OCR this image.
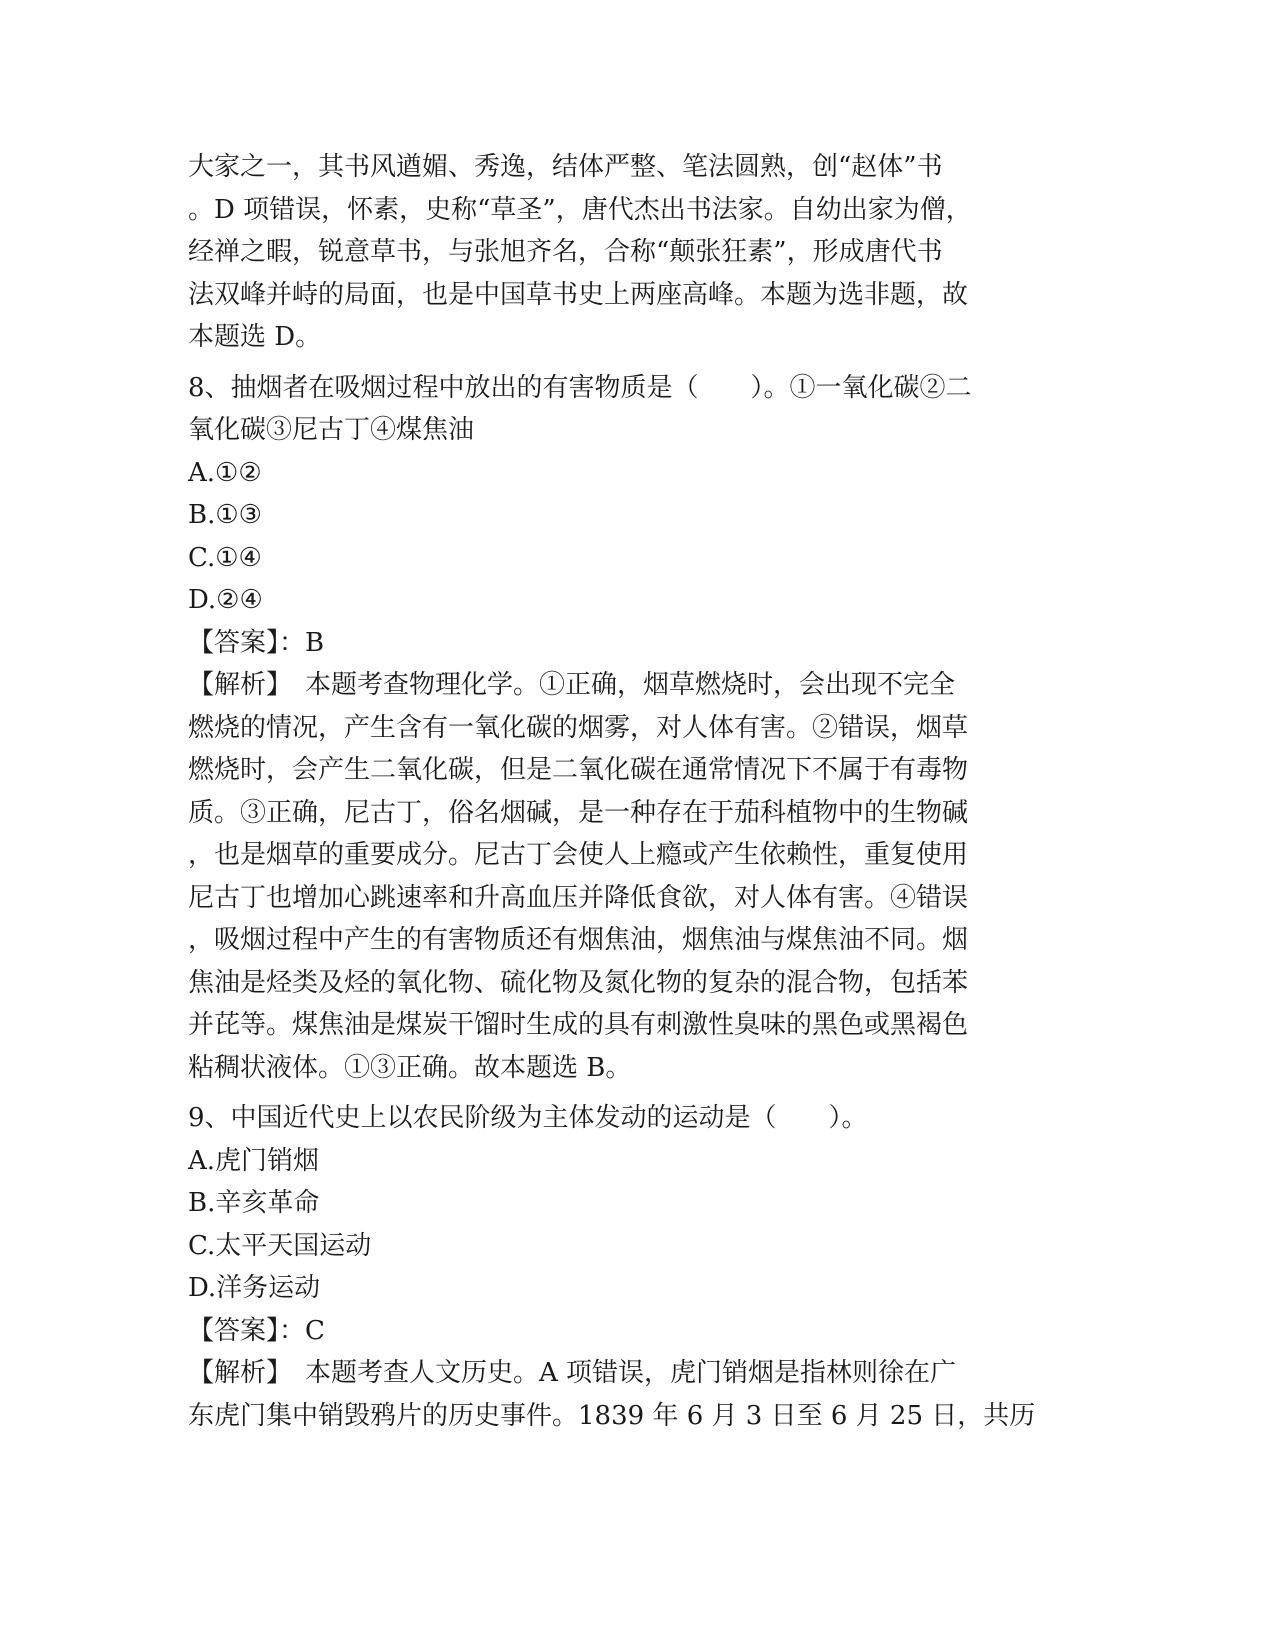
大家之一，其书风遒媚、秀逸，结体严整、笔法圆熟，创“赵体”书
。D 项错误，怀素，史称“草圣”，唐代杰出书法家。自幼出家为僧，
经禅之暇，锐意草书，与张旭齐名，合称“颠张狂素”，形成唐代书
法双峰并峙的局面，也是中国草书史上两座高峰。本题为选非题，故
本题选 D。
8、抽烟者在吸烟过程中放出的有害物质是（　　）。①一氧化碳②二
氧化碳③尼古丁④煤焦油
A.①②
B.①③
C.①④
D.②④
【答案】：B
【解析】　本题考查物理化学。①正确，烟草燃烧时，会出现不完全
燃烧的情况，产生含有一氧化碳的烟雾，对人体有害。②错误，烟草
燃烧时，会产生二氧化碳，但是二氧化碳在通常情况下不属于有毒物
质。③正确，尼古丁，俗名烟碱，是一种存在于茄科植物中的生物碱
，也是烟草的重要成分。尼古丁会使人上瘾或产生依赖性，重复使用
尼古丁也增加心跳速率和升高血压并降低食欲，对人体有害。④错误
，吸烟过程中产生的有害物质还有烟焦油，烟焦油与煤焦油不同。烟
焦油是烃类及烃的氧化物、硫化物及氮化物的复杂的混合物，包括苯
并芘等。煤焦油是煤炭干馏时生成的具有刺激性臭味的黑色或黑褐色
粘稠状液体。①③正确。故本题选 B。
9、中国近代史上以农民阶级为主体发动的运动是（　　）。
A.虎门销烟
B.辛亥革命
C.太平天国运动
D.洋务运动
【答案】：C
【解析】　本题考查人文历史。A 项错误，虎门销烟是指林则徐在广
东虎门集中销毁鸦片的历史事件。1839 年 6 月 3 日至 6 月 25 日，共历
